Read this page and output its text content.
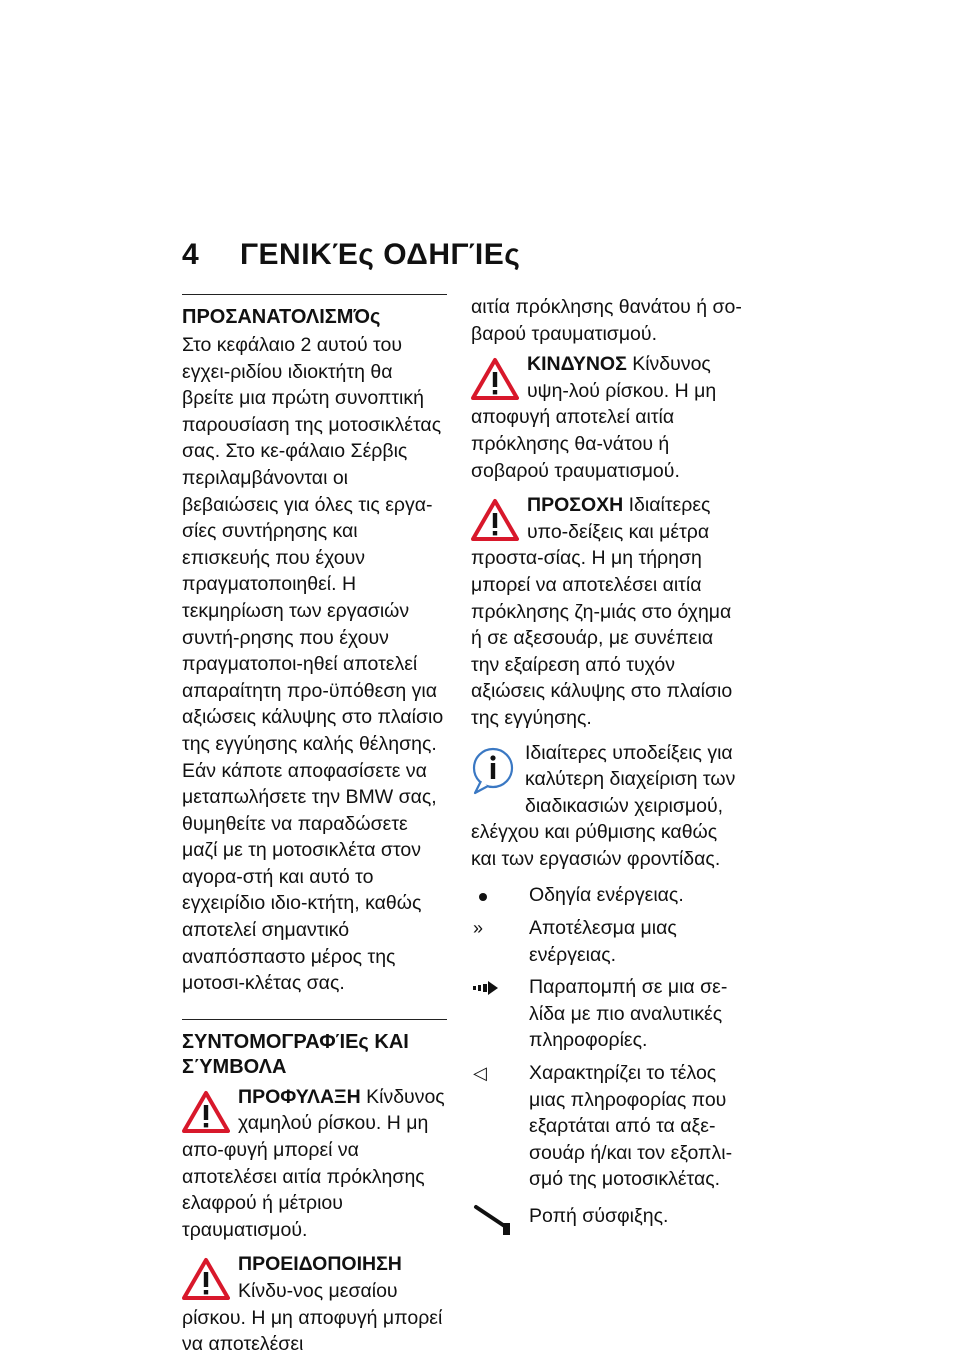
4 ΓΕΝΙΚΈς ΟΔΗΓΊΕς
ΠΡΟΣΑΝΑΤΟΛΙΣΜΌς

Στο κεφάλαιο 2 αυτού του εγχει-ριδίου ιδιοκτήτη θα βρείτε μια πρώτη συνοπτική παρουσίαση της μοτοσικλέτας σας. Στο κε-φάλαιο Σέρβις περιλαμβάνονται οι βεβαιώσεις για όλες τις εργα-σίες συντήρησης και επισκευής που έχουν πραγματοποιηθεί. Η τεκμηρίωση των εργασιών συντή-ρησης που έχουν πραγματοποι-ηθεί αποτελεί απαραίτητη προ-ϋπόθεση για αξιώσεις κάλυψης στο πλαίσιο της εγγύησης καλής θέλησης.

Εάν κάποτε αποφασίσετε να μεταπωλήσετε την BMW σας, θυμηθείτε να παραδώσετε μαζί με τη μοτοσικλέτα στον αγορα-στή και αυτό το εγχειρίδιο ιδιο-κτήτη, καθώς αποτελεί σημαντικό αναπόσπαστο μέρος της μοτοσι-κλέτας σας.

ΣΥΝΤΟΜΟΓΡΑΦΊΕς ΚΑΙ ΣΎΜΒΟΛΑ
ΠΡΟΦΥΛΑΞΗ Κίνδυνος χαμηλού ρίσκου. Η μη απο-φυγή μπορεί να αποτελέσει αιτία πρόκλησης ελαφρού ή μέτριου τραυματισμού.
ΠΡΟΕΙΔΟΠΟΙΗΣΗ Κίνδυ-νος μεσαίου ρίσκου. Η μη αποφυγή μπορεί να αποτελέσει

αιτία πρόκλησης θανάτου ή σο-βαρού τραυματισμού.

ΚΙΝΔΥΝΟΣ Κίνδυνος υψη-λού ρίσκου. Η μη αποφυγή αποτελεί αιτία πρόκλησης θα-νάτου ή σοβαρού τραυματισμού.
ΠΡΟΣΟΧΗ Ιδιαίτερες υπο-δείξεις και μέτρα προστα-σίας. Η μη τήρηση μπορεί να αποτελέσει αιτία πρόκλησης ζη-μιάς στο όχημα ή σε αξεσουάρ, με συνέπεια την εξαίρεση από τυχόν αξιώσεις κάλυψης στο πλαίσιο της εγγύησης.
Ιδιαίτερες υποδείξεις για καλύτερη διαχείριση των διαδικασιών χειρισμού, ελέγχου και ρύθμισης καθώς και των εργασιών φροντίδας.
Οδηγία ενέργειας.
»	Αποτέλεσμα μιας ενέργειας.
Παραπομπή σε μια σε-λίδα με πιο αναλυτικές πληροφορίες.
◁	Χαρακτηρίζει το τέλος μιας πληροφορίας που εξαρτάται από τα αξε-σουάρ ή/και τον εξοπλι-σμό της μοτοσικλέτας.
Ροπή σύσφιξης.
